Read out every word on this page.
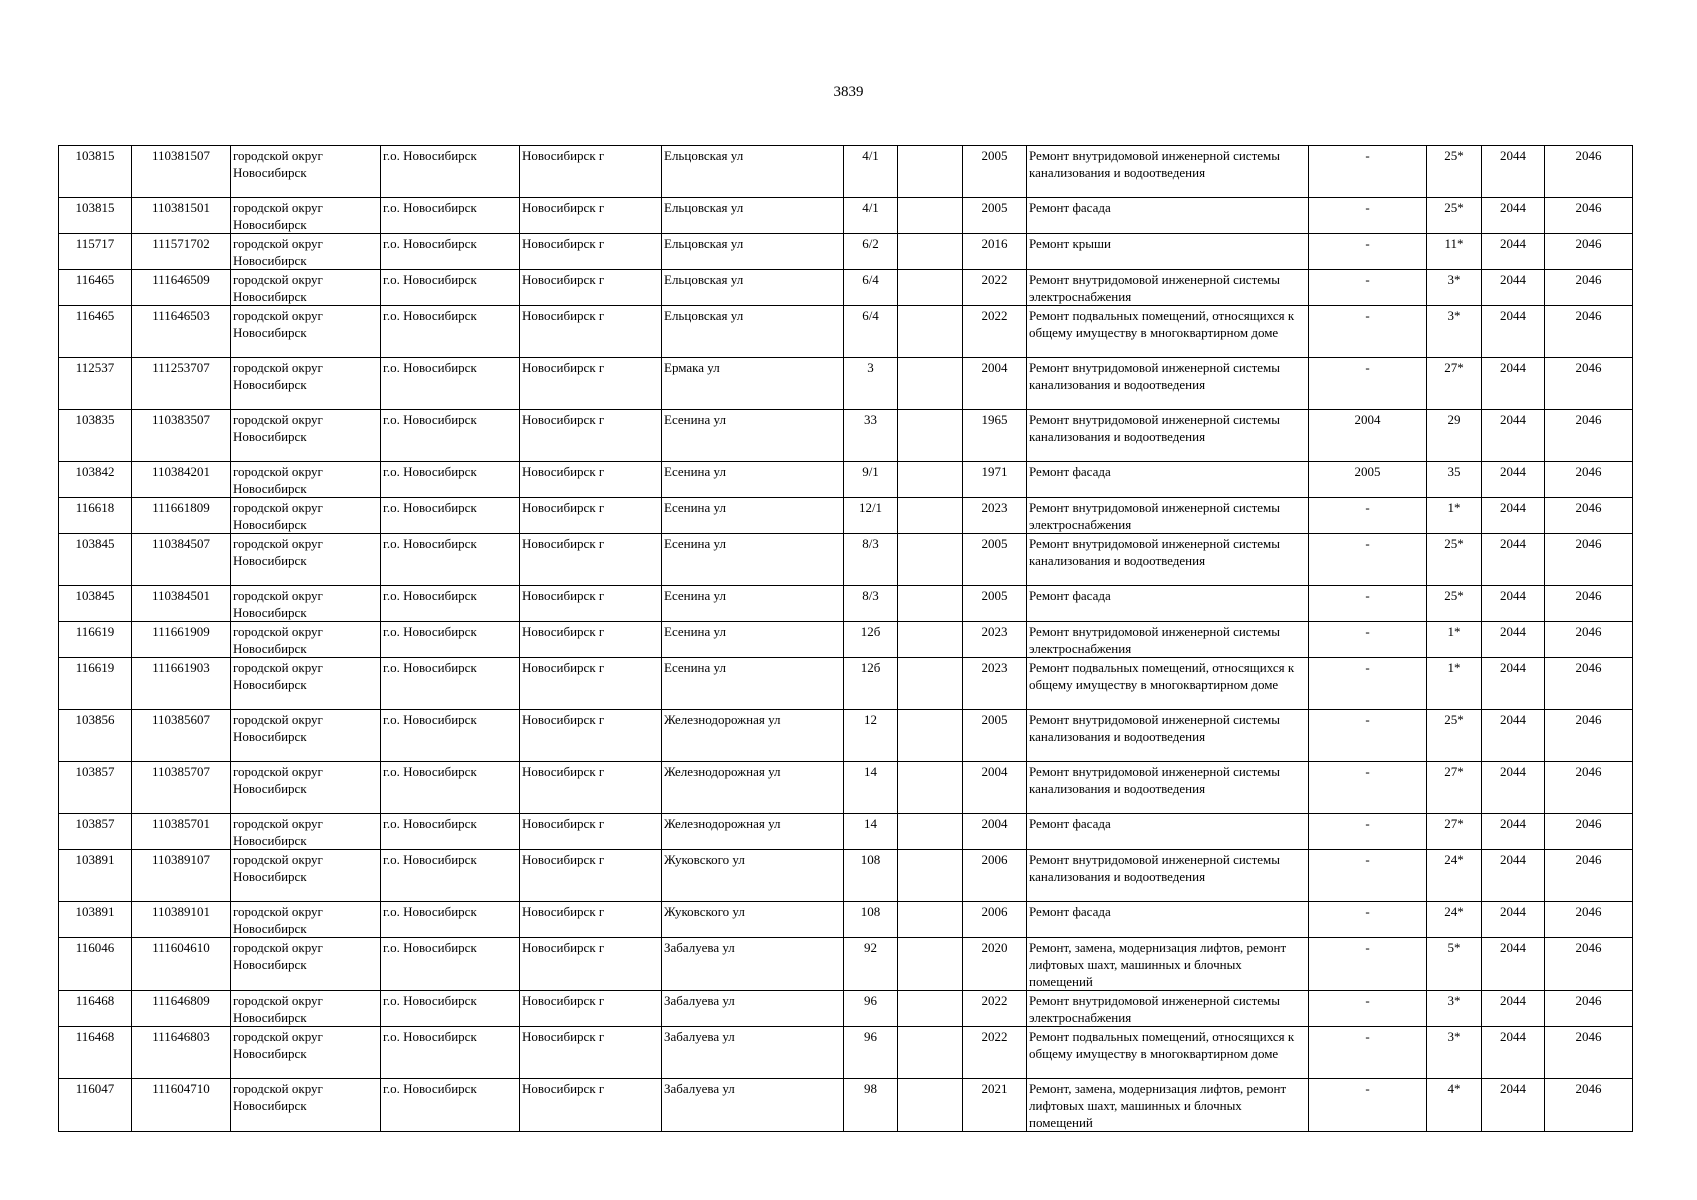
3839
103815	110381507	городской округ Новосибирск	г.о. Новосибирск	Новосибирск г	Ельцовская ул	4/1		2005	Ремонт внутридомовой инженерной системы канализования и водоотведения	-	25*	2044	2046
103815	110381501	городской округ Новосибирск	г.о. Новосибирск	Новосибирск г	Ельцовская ул	4/1		2005	Ремонт фасада	-	25*	2044	2046
115717	111571702	городской округ Новосибирск	г.о. Новосибирск	Новосибирск г	Ельцовская ул	6/2		2016	Ремонт крыши	-	11*	2044	2046
116465	111646509	городской округ Новосибирск	г.о. Новосибирск	Новосибирск г	Ельцовская ул	6/4		2022	Ремонт внутридомовой инженерной системы электроснабжения	-	3*	2044	2046
116465	111646503	городской округ Новосибирск	г.о. Новосибирск	Новосибирск г	Ельцовская ул	6/4		2022	Ремонт подвальных помещений, относящихся к общему имуществу в многоквартирном доме	-	3*	2044	2046
112537	111253707	городской округ Новосибирск	г.о. Новосибирск	Новосибирск г	Ермака ул	3		2004	Ремонт внутридомовой инженерной системы канализования и водоотведения	-	27*	2044	2046
103835	110383507	городской округ Новосибирск	г.о. Новосибирск	Новосибирск г	Есенина ул	33		1965	Ремонт внутридомовой инженерной системы канализования и водоотведения	2004	29	2044	2046
103842	110384201	городской округ Новосибирск	г.о. Новосибирск	Новосибирск г	Есенина ул	9/1		1971	Ремонт фасада	2005	35	2044	2046
116618	111661809	городской округ Новосибирск	г.о. Новосибирск	Новосибирск г	Есенина ул	12/1		2023	Ремонт внутридомовой инженерной системы электроснабжения	-	1*	2044	2046
103845	110384507	городской округ Новосибирск	г.о. Новосибирск	Новосибирск г	Есенина ул	8/3		2005	Ремонт внутридомовой инженерной системы канализования и водоотведения	-	25*	2044	2046
103845	110384501	городской округ Новосибирск	г.о. Новосибирск	Новосибирск г	Есенина ул	8/3		2005	Ремонт фасада	-	25*	2044	2046
116619	111661909	городской округ Новосибирск	г.о. Новосибирск	Новосибирск г	Есенина ул	12б		2023	Ремонт внутридомовой инженерной системы электроснабжения	-	1*	2044	2046
116619	111661903	городской округ Новосибирск	г.о. Новосибирск	Новосибирск г	Есенина ул	12б		2023	Ремонт подвальных помещений, относящихся к общему имуществу в многоквартирном доме	-	1*	2044	2046
103856	110385607	городской округ Новосибирск	г.о. Новосибирск	Новосибирск г	Железнодорожная ул	12		2005	Ремонт внутридомовой инженерной системы канализования и водоотведения	-	25*	2044	2046
103857	110385707	городской округ Новосибирск	г.о. Новосибирск	Новосибирск г	Железнодорожная ул	14		2004	Ремонт внутридомовой инженерной системы канализования и водоотведения	-	27*	2044	2046
103857	110385701	городской округ Новосибирск	г.о. Новосибирск	Новосибирск г	Железнодорожная ул	14		2004	Ремонт фасада	-	27*	2044	2046
103891	110389107	городской округ Новосибирск	г.о. Новосибирск	Новосибирск г	Жуковского ул	108		2006	Ремонт внутридомовой инженерной системы канализования и водоотведения	-	24*	2044	2046
103891	110389101	городской округ Новосибирск	г.о. Новосибирск	Новосибирск г	Жуковского ул	108		2006	Ремонт фасада	-	24*	2044	2046
116046	111604610	городской округ Новосибирск	г.о. Новосибирск	Новосибирск г	Забалуева ул	92		2020	Ремонт, замена, модернизация лифтов, ремонт лифтовых шахт, машинных и блочных помещений	-	5*	2044	2046
116468	111646809	городской округ Новосибирск	г.о. Новосибирск	Новосибирск г	Забалуева ул	96		2022	Ремонт внутридомовой инженерной системы электроснабжения	-	3*	2044	2046
116468	111646803	городской округ Новосибирск	г.о. Новосибирск	Новосибирск г	Забалуева ул	96		2022	Ремонт подвальных помещений, относящихся к общему имуществу в многоквартирном доме	-	3*	2044	2046
116047	111604710	городской округ Новосибирск	г.о. Новосибирск	Новосибирск г	Забалуева ул	98		2021	Ремонт, замена, модернизация лифтов, ремонт лифтовых шахт, машинных и блочных помещений	-	4*	2044	2046
